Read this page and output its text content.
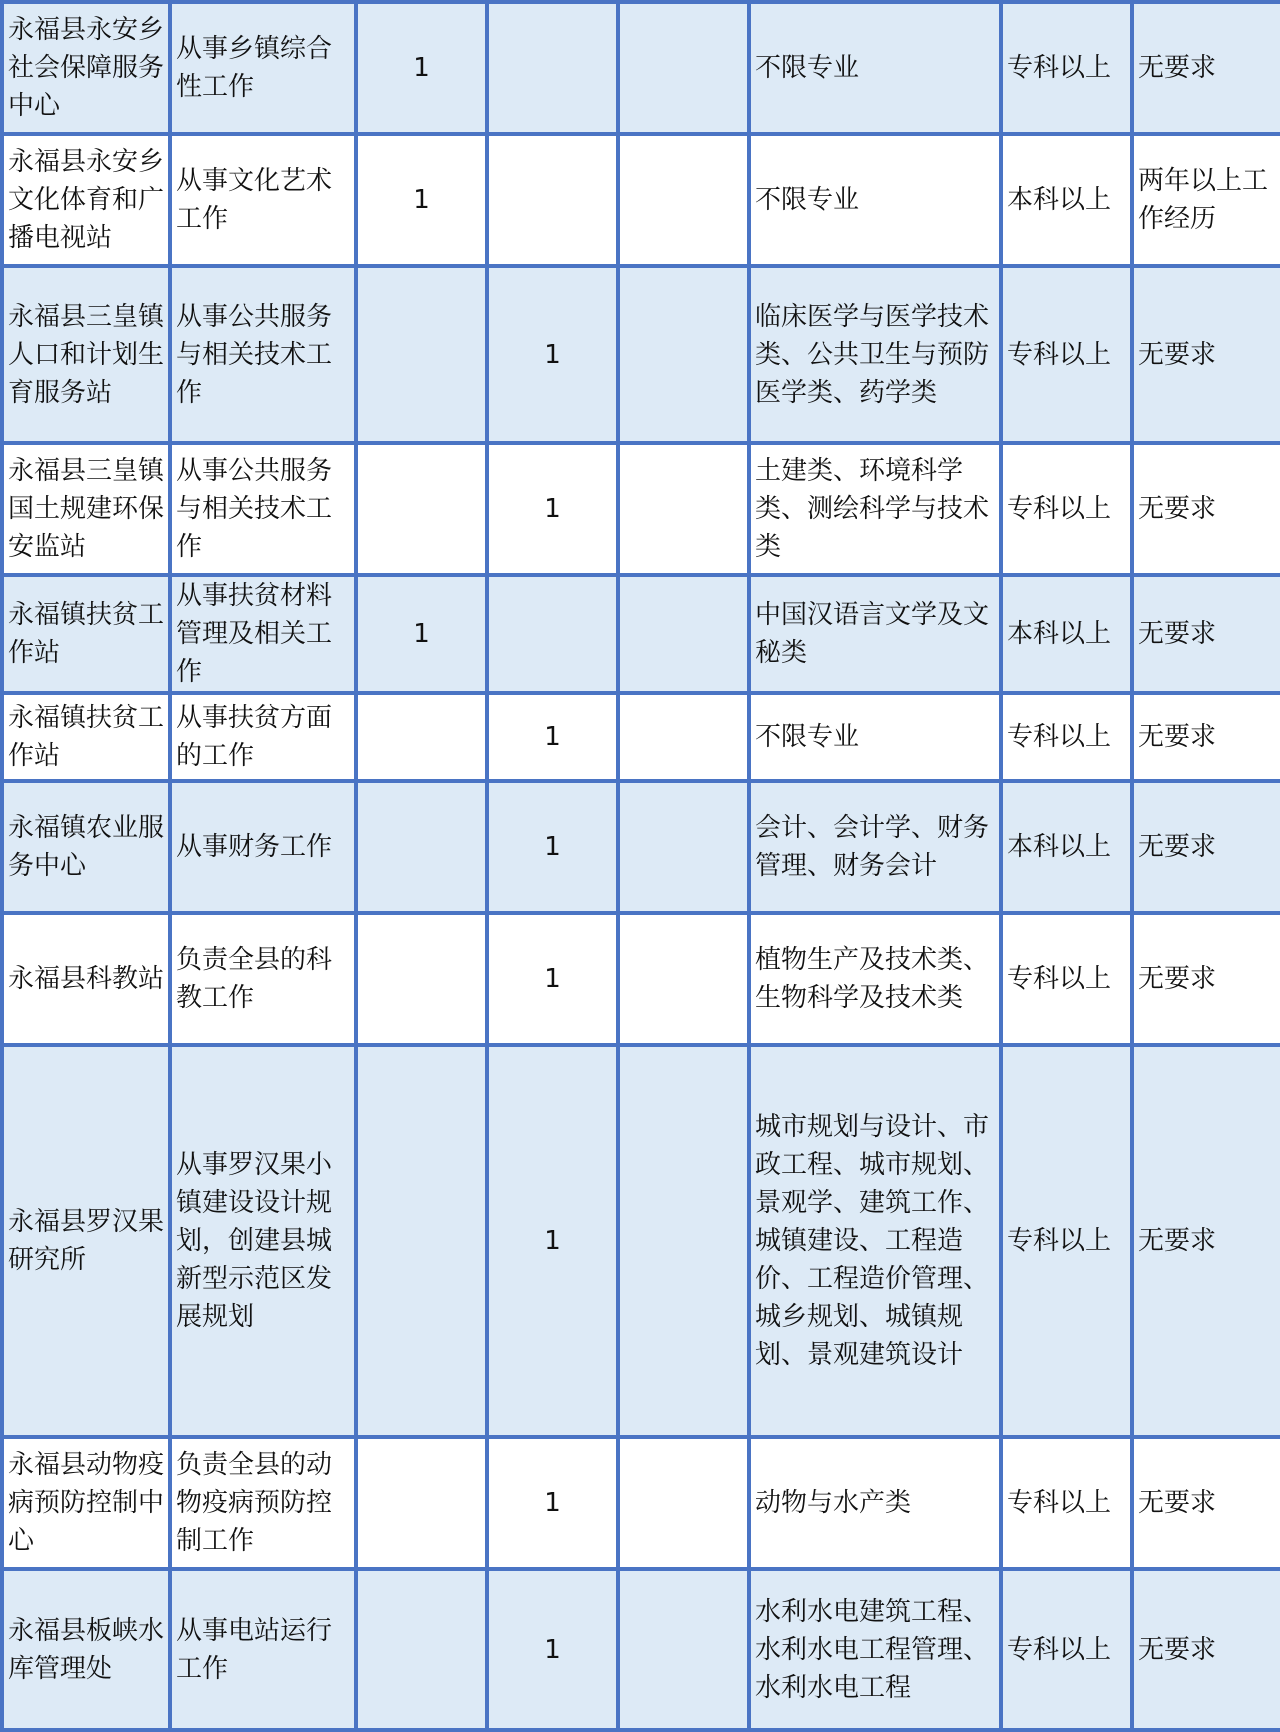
永福县永安乡社会保障服务中心	从事乡镇综合性工作	1			不限专业	专科以上	无要求

永福县永安乡文化体育和广播电视站	从事文化艺术工作	1			不限专业	本科以上	两年以上工作经历
永福县三皇镇人口和计划生育服务站	从事公共服务与相关技术工作		1		临床医学与医学技术类、公共卫生与预防医学类、药学类	专科以上	无要求
永福县三皇镇国土规建环保安监站	从事公共服务与相关技术工作		1		土建类、环境科学类、测绘科学与技术类	专科以上	无要求
永福镇扶贫工作站	从事扶贫材料管理及相关工作	1			中国汉语言文学及文秘类	本科以上	无要求
永福镇扶贫工作站	从事扶贫方面的工作		1		不限专业	专科以上	无要求
永福镇农业服务中心	从事财务工作		1		会计、会计学、财务管理、财务会计	本科以上	无要求
永福县科教站	负责全县的科教工作		1		植物生产及技术类、生物科学及技术类	专科以上	无要求
永福县罗汉果研究所	从事罗汉果小镇建设设计规划，创建县城新型示范区发展规划		1		城市规划与设计、市政工程、城市规划、景观学、建筑工作、城镇建设、工程造价、工程造价管理、城乡规划、城镇规划、景观建筑设计	专科以上	无要求
永福县动物疫病预防控制中心	负责全县的动物疫病预防控制工作		1		动物与水产类	专科以上	无要求
永福县板峡水库管理处	从事电站运行工作		1		水利水电建筑工程、水利水电工程管理、水利水电工程	专科以上	无要求
